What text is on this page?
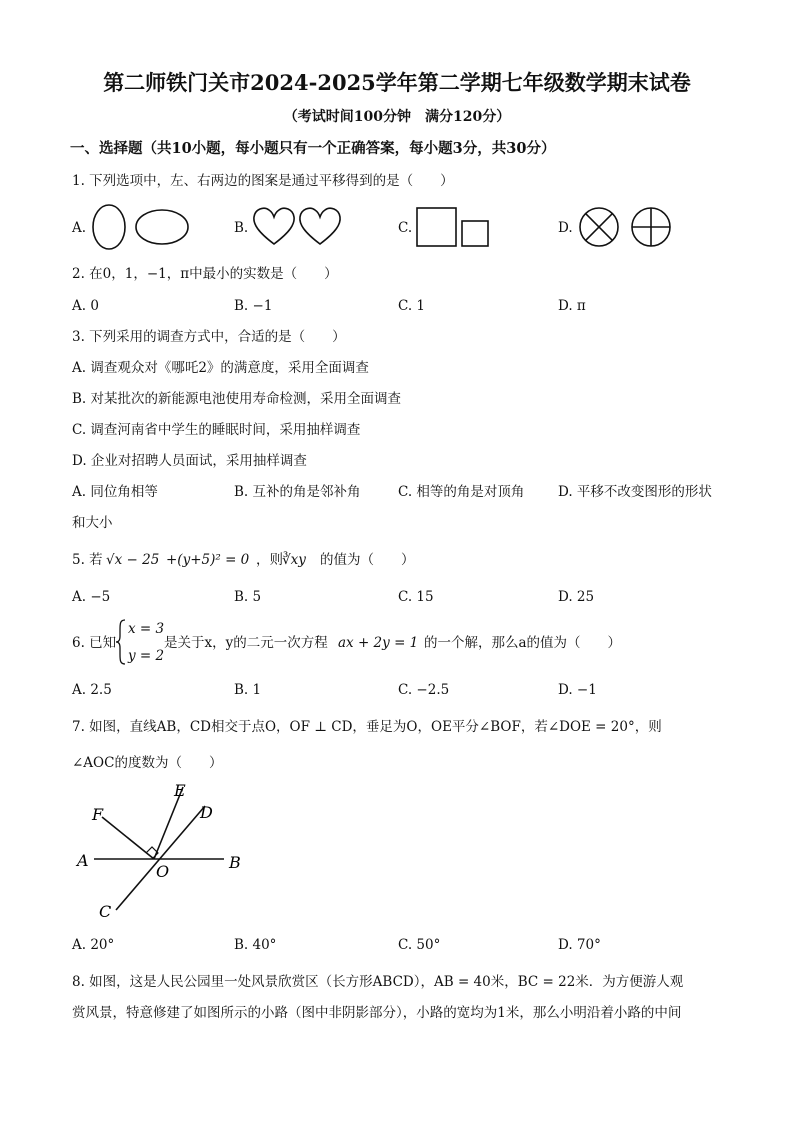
第二师铁门关市2024-2025学年第二学期七年级数学期末试卷
（考试时间100分钟　满分120分）
一、选择题（共10小题，每小题只有一个正确答案，每小题3分，共30分）
1. 下列选项中，左、右两边的图案是通过平移得到的是（　　）
A.	B.	C.	D.
2. 在0，1，−1，π中最小的实数是（　　）
A. 0	B. −1	C. 1	D. π
3. 下列采用的调查方式中，合适的是（　　）
A. 调查观众对《哪吒2》的满意度，采用全面调查
B. 对某批次的新能源电池使用寿命检测，采用全面调查
C. 调查河南省中学生的睡眠时间，采用抽样调查
D. 企业对招聘人员面试，采用抽样调查
A. 同位角相等	B. 互补的角是邻补角	C. 相等的角是对顶角 D. 平移不改变图形的形状
和大小
5. 若 √x − 25 +(y+5)² = 0 ，则 ∛xy 的值为（　　）
A. −5	B. 5	C. 15	D. 25
6. 已知
x = 3
y = 2
是关于x，y的二元一次方程 ax + 2y = 1 的一个解，那么a的值为（　　）
A. 2.5	B. 1	C. −2.5	D. −1
7. 如图，直线AB，CD相交于点O，OF ⊥ CD，垂足为O，OE平分∠BOF，若∠DOE = 20°，则
∠AOC的度数为（　　）
F
E
D
A
O	B
C
A. 20°	B. 40°	C. 50°	D. 70°
8. 如图，这是人民公园里一处风景欣赏区（长方形ABCD），AB = 40米，BC = 22米．为方便游人观
赏风景，特意修建了如图所示的小路（图中非阴影部分），小路的宽均为1米，那么小明沿着小路的中间
